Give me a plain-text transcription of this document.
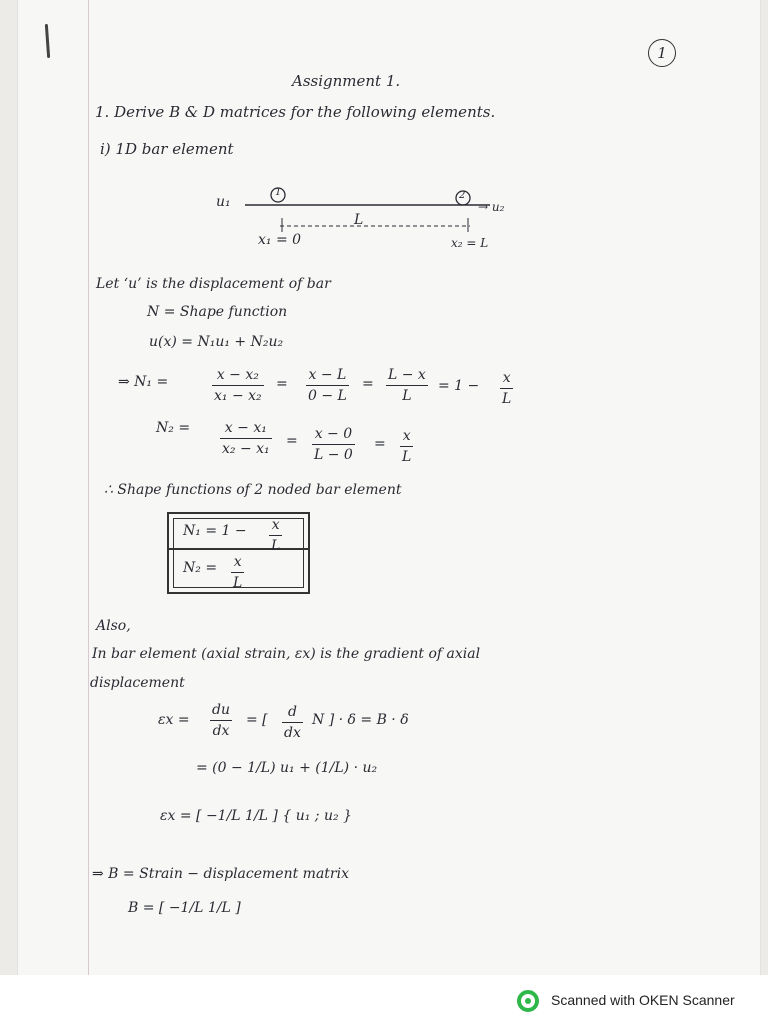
1
Assignment 1.
1. Derive B & D matrices for the following elements.
i) 1D bar element
u₁
1	2
→ u₂
L
x₁ = 0	x₂ = L
Let ‘u’ is the displacement of bar
N = Shape function
u(x) = N₁u₁ + N₂u₂
⇒ N₁ =	x − x₂
x₁ − x₂
=
x − L
0 − L
=
L − x
L
= 1 − x
L
N₂ =	x − x₁
x₂ − x₁
= x − 0
L − 0
= x
L
∴ Shape functions of 2 noded bar element
N₁ = 1 − x
L
N₂ = x
L
Also,
In bar element (axial strain, εx) is the gradient of axial
displacement
εx =
du
dx
= [	d
dx
N ] · δ = B · δ
= (0 − 1/L) u₁ + (1/L) · u₂
εx = [ −1/L 1/L ] { u₁ ; u₂ }
⇒ B = Strain − displacement matrix
B = [ −1/L 1/L ]
Scanned with OKEN Scanner
